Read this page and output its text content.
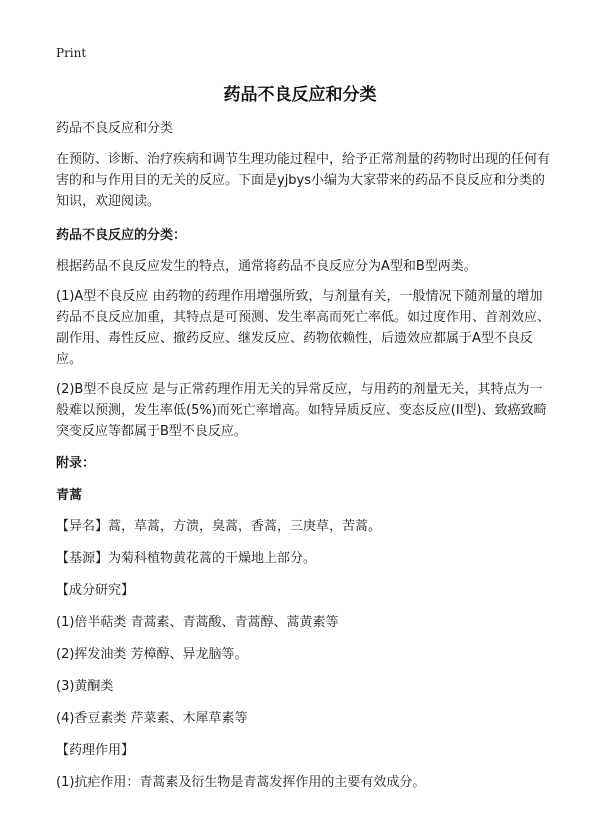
Print
药品不良反应和分类

药品不良反应和分类

在预防、诊断、治疗疾病和调节生理功能过程中，给予正常剂量的药物时出现的任何有害的和与作用目的无关的反应。下面是yjbys小编为大家带来的药品不良反应和分类的知识，欢迎阅读。

药品不良反应的分类：

根据药品不良反应发生的特点，通常将药品不良反应分为A型和B型两类。

(1)A型不良反应 由药物的药理作用增强所致，与剂量有关，一般情况下随剂量的增加药品不良反应加重，其特点是可预测、发生率高而死亡率低。如过度作用、首剂效应、副作用、毒性反应、撤药反应、继发反应、药物依赖性，后遗效应都属于A型不良反应。

(2)B型不良反应 是与正常药理作用无关的异常反应，与用药的剂量无关，其特点为一般难以预测，发生率低(5%)而死亡率增高。如特异质反应、变态反应(II型)、致癌致畸突变反应等都属于B型不良反应。

附录：

青蒿

【异名】蒿，草蒿，方溃，臭蒿，香蒿，三庚草，苦蒿。

【基源】为菊科植物黄花蒿的干燥地上部分。

【成分研究】

(1)倍半萜类 青蒿素、青蒿酸、青蒿醇、蒿黄素等

(2)挥发油类 芳樟醇、异龙脑等。

(3)黄酮类

(4)香豆素类 芹菜素、木犀草素等

【药理作用】

(1)抗疟作用：青蒿素及衍生物是青蒿发挥作用的主要有效成分。
